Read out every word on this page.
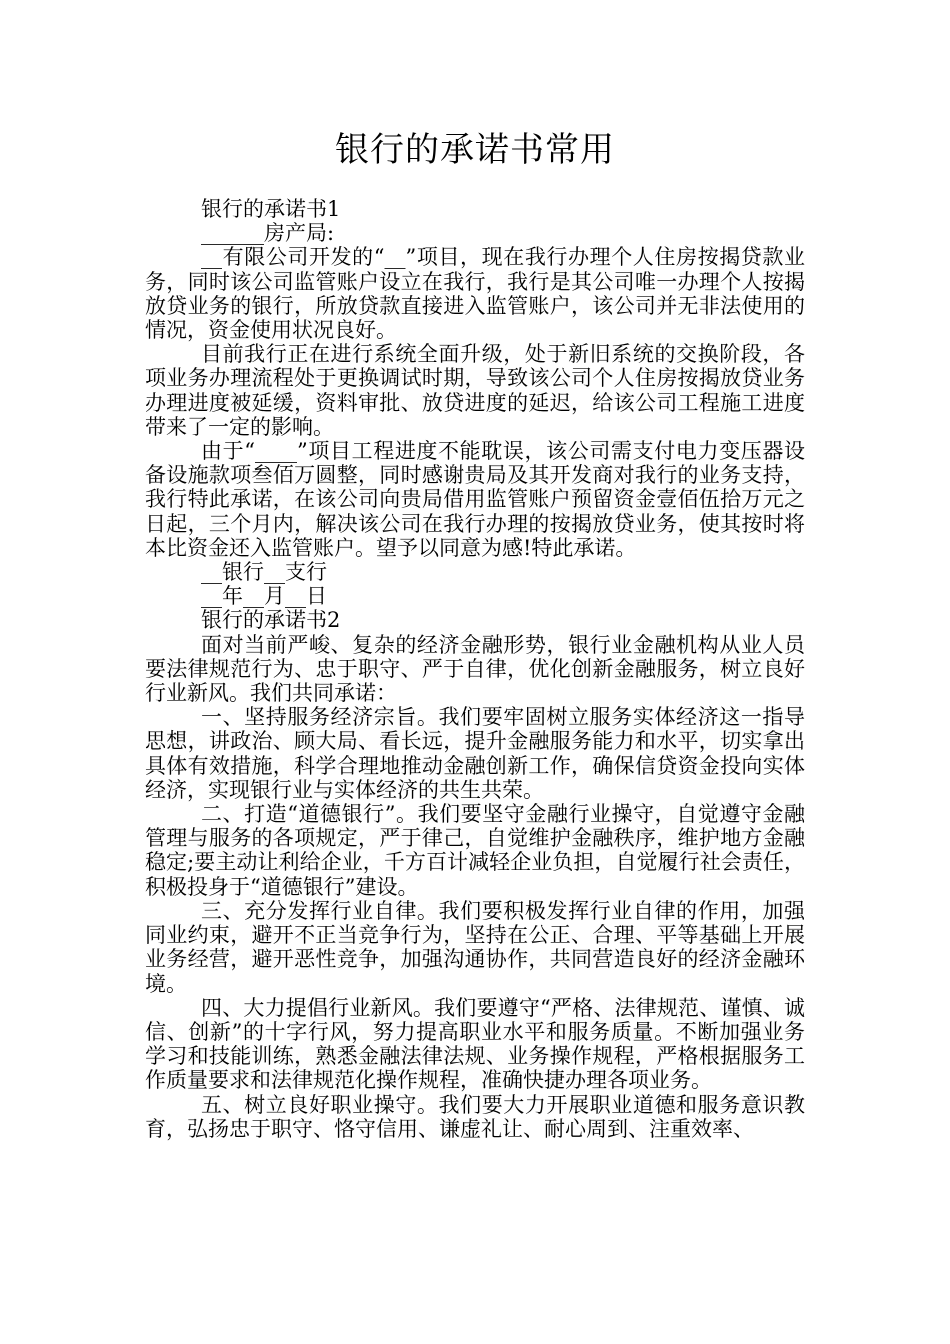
银行的承诺书常用

银行的承诺书1

______房产局:

__有限公司开发的“__”项目，现在我行办理个人住房按揭贷款业务，同时该公司监管账户设立在我行，我行是其公司唯一办理个人按揭放贷业务的银行，所放贷款直接进入监管账户，该公司并无非法使用的情况，资金使用状况良好。

目前我行正在进行系统全面升级，处于新旧系统的交换阶段，各项业务办理流程处于更换调试时期，导致该公司个人住房按揭放贷业务办理进度被延缓，资料审批、放贷进度的延迟，给该公司工程施工进度带来了一定的影响。

由于“____”项目工程进度不能耽误，该公司需支付电力变压器设备设施款项叁佰万圆整，同时感谢贵局及其开发商对我行的业务支持，我行特此承诺，在该公司向贵局借用监管账户预留资金壹佰伍拾万元之日起，三个月内，解决该公司在我行办理的按揭放贷业务，使其按时将本比资金还入监管账户。望予以同意为感!特此承诺。

__银行__支行

__年__月__日

银行的承诺书2

面对当前严峻、复杂的经济金融形势，银行业金融机构从业人员要法律规范行为、忠于职守、严于自律，优化创新金融服务，树立良好行业新风。我们共同承诺：

一、坚持服务经济宗旨。我们要牢固树立服务实体经济这一指导思想，讲政治、顾大局、看长远，提升金融服务能力和水平，切实拿出具体有效措施，科学合理地推动金融创新工作，确保信贷资金投向实体经济，实现银行业与实体经济的共生共荣。

二、打造“道德银行”。我们要坚守金融行业操守，自觉遵守金融管理与服务的各项规定，严于律己，自觉维护金融秩序，维护地方金融稳定;要主动让利给企业，千方百计减轻企业负担，自觉履行社会责任，积极投身于“道德银行”建设。

三、充分发挥行业自律。我们要积极发挥行业自律的作用，加强同业约束，避开不正当竞争行为，坚持在公正、合理、平等基础上开展业务经营，避开恶性竞争，加强沟通协作，共同营造良好的经济金融环境。

四、大力提倡行业新风。我们要遵守“严格、法律规范、谨慎、诚信、创新”的十字行风，努力提高职业水平和服务质量。不断加强业务学习和技能训练，熟悉金融法律法规、业务操作规程，严格根据服务工作质量要求和法律规范化操作规程，准确快捷办理各项业务。

五、树立良好职业操守。我们要大力开展职业道德和服务意识教育，弘扬忠于职守、恪守信用、谦虚礼让、耐心周到、注重效率、
